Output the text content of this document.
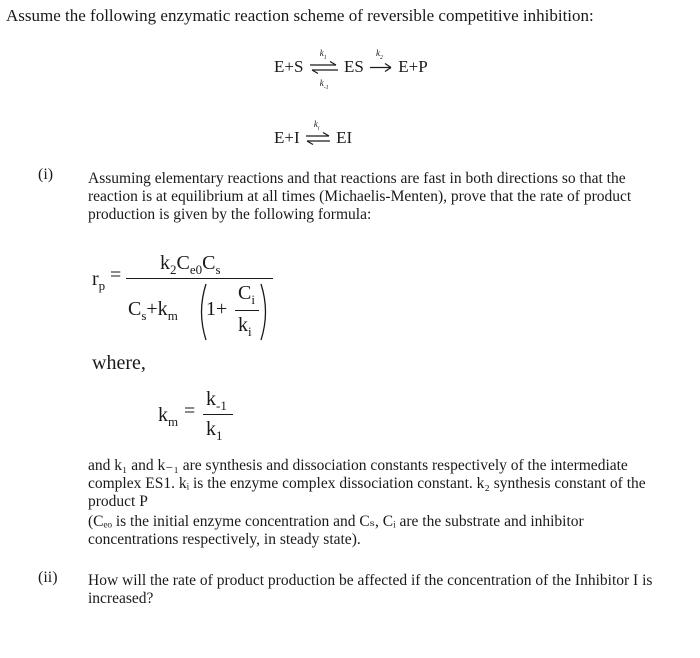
Assume the following enzymatic reaction scheme of reversible competitive inhibition:
E+S
$k_1$
$k_{-1}$
ES
$k_2$ E+P
E+I
$k_i$ EI
(i) Assuming elementary reactions and that reactions are fast in both directions so that the reaction is at equilibrium at all times (Michaelis-Menten), prove that the rate of product production is given by the following formula:
$r_p$ =
$k_2C_{e0}C_s$
$C_s+k_m$ 1+
$C_i$
$k_i$
where,
$k_m$ =
$k_{-1}$
$k_1$
and k₁ and k₋₁ are synthesis and dissociation constants respectively of the intermediate complex ES1. kᵢ is the enzyme complex dissociation constant. k₂ synthesis constant of the product P
(Cₑₒ is the initial enzyme concentration and Cₛ, Cᵢ are the substrate and inhibitor concentrations respectively, in steady state).
(ii) How will the rate of product production be affected if the concentration of the Inhibitor I is increased?
